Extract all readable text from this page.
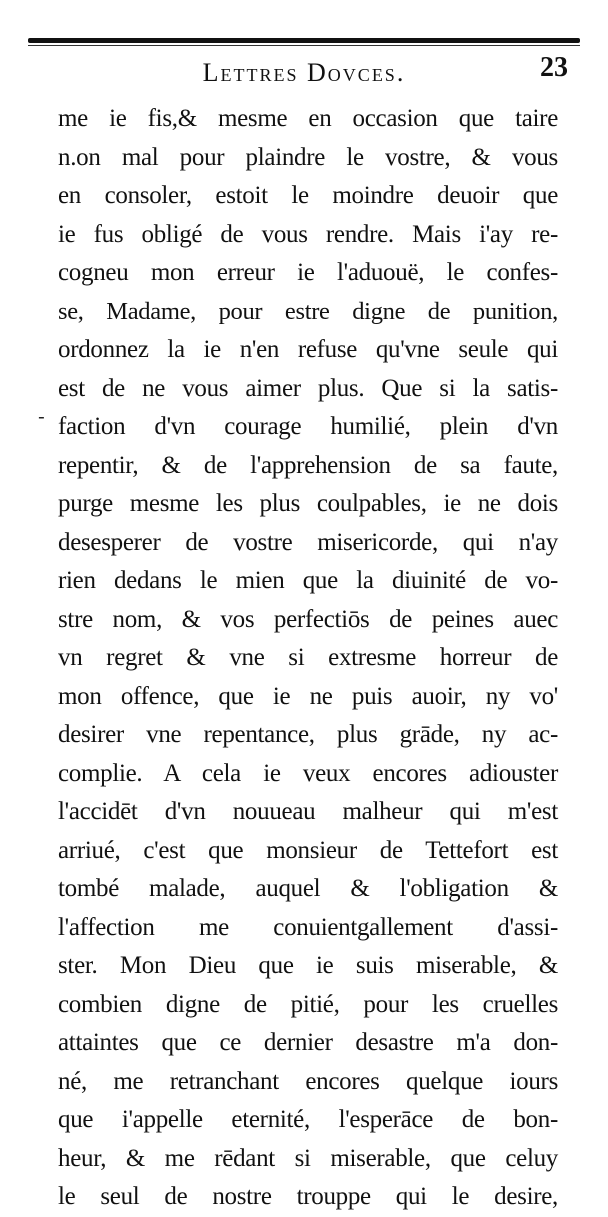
Lettres Dovces.	23
-
me ie fis,& mesme en occasion que taire
n.on mal pour plaindre le vostre, & vous
en consoler, estoit le moindre deuoir que
ie fus obligé de vous rendre. Mais i'ay re-
cogneu mon erreur ie l'aduouë, le confes-
se, Madame, pour estre digne de punition,
ordonnez la ie n'en refuse qu'vne seule qui
est de ne vous aimer plus. Que si la satis-
faction d'vn courage humilié, plein d'vn
repentir, & de l'apprehension de sa faute,
purge mesme les plus coulpables, ie ne dois
desesperer de vostre misericorde, qui n'ay
rien dedans le mien que la diuinité de vo-
stre nom, & vos perfectiōs de peines auec
vn regret & vne si extresme horreur de
mon offence, que ie ne puis auoir, ny vo'
desirer vne repentance, plus grāde, ny ac-
complie. A cela ie veux encores adiouster
l'accidēt d'vn nouueau malheur qui m'est
arriué, c'est que monsieur de Tettefort est
tombé malade, auquel & l'obligation &
l'affection me conuientgallement d'assi-
ster. Mon Dieu que ie suis miserable, &
combien digne de pitié, pour les cruelles
attaintes que ce dernier desastre m'a don-
né, me retranchant encores quelque iours
que i'appelle eternité, l'esperāce de bon-
heur, & me rēdant si miserable, que celuy
le seul de nostre trouppe qui le desire,
